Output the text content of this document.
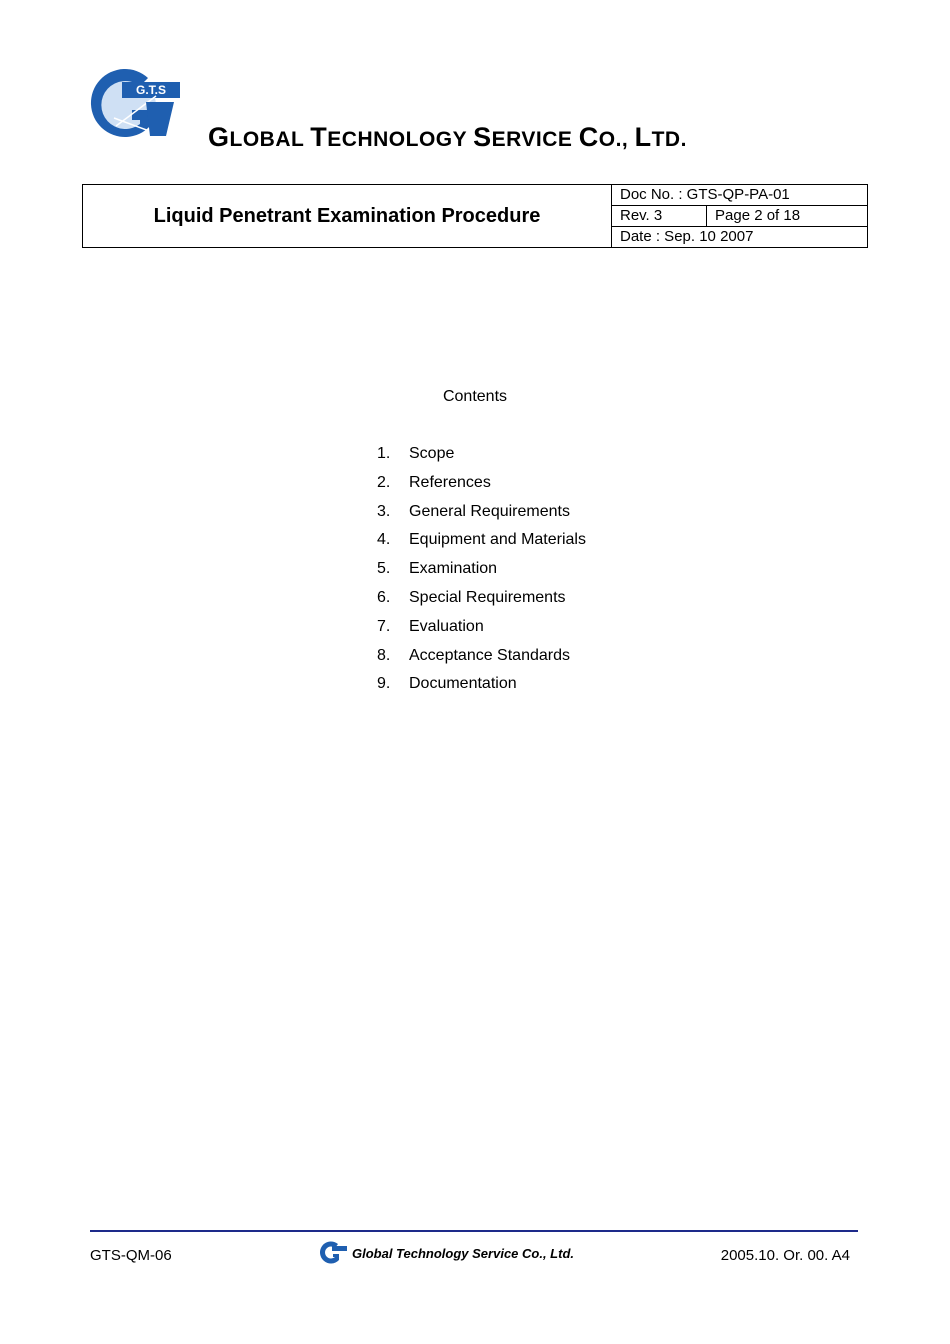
G.T.S
GLOBAL TECHNOLOGY SERVICE CO., LTD.
Liquid Penetrant Examination Procedure	Doc No. : GTS-QP-PA-01	
	Rev. 3	Page 2 of 18
	Date : Sep. 10 2007	
Contents
1. Scope
2. References
3. General Requirements
4. Equipment and Materials
5. Examination
6. Special Requirements
7. Evaluation
8. Acceptance Standards
9. Documentation
GTS-QM-06	Global Technology Service Co., Ltd.	2005.10. Or. 00. A4
